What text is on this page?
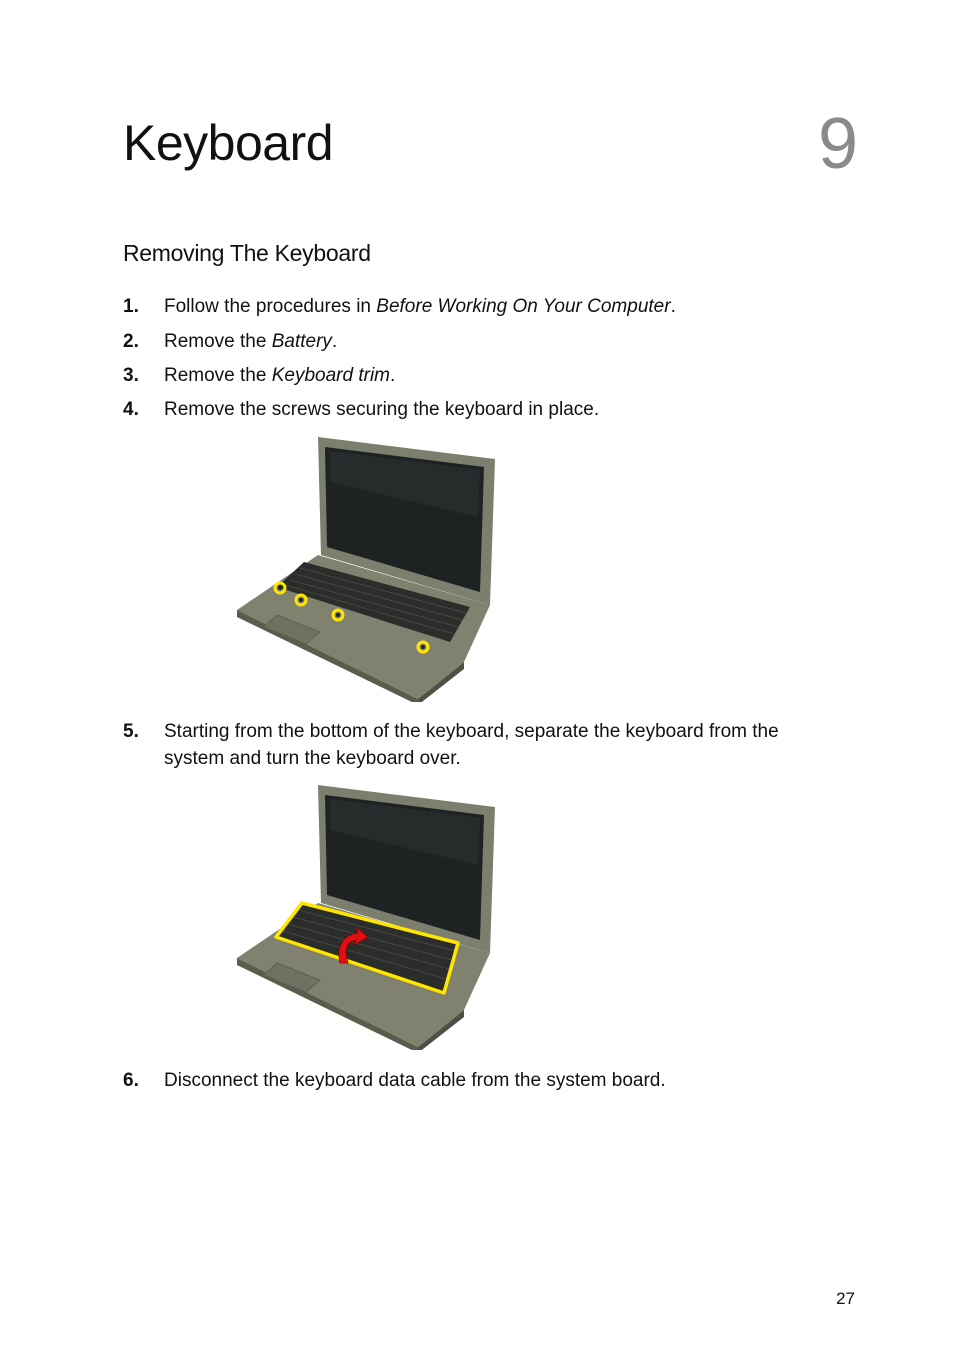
Keyboard	9
Removing The Keyboard
1. Follow the procedures in Before Working On Your Computer.
2. Remove the Battery.
3. Remove the Keyboard trim.
4. Remove the screws securing the keyboard in place.
5. Starting from the bottom of the keyboard, separate the keyboard from the system and turn the keyboard over.
6. Disconnect the keyboard data cable from the system board.
27
